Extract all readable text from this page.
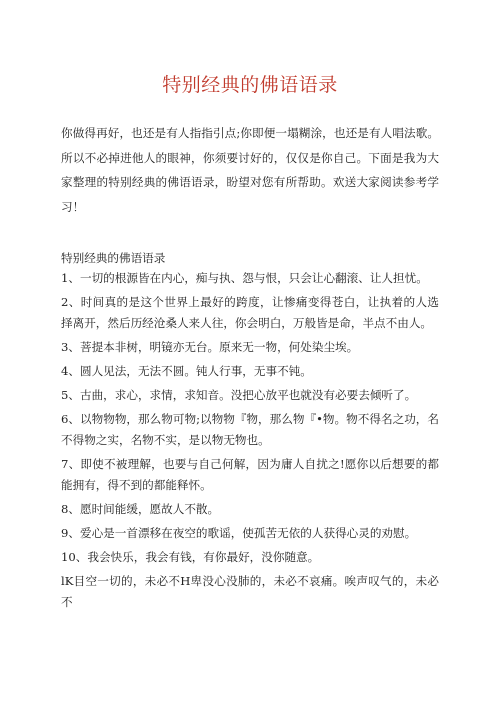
特别经典的佛语语录

你做得再好，也还是有人指指引点;你即便一塌糊涂，也还是有人唱法歌。所以不必掉进他人的眼神，你须要讨好的，仅仅是你自己。下面是我为大家整理的特别经典的佛语语录，盼望对您有所帮助。欢送大家阅读参考学习！

特别经典的佛语语录
1、一切的根源皆在内心，痴与执、怨与恨，只会让心翻滚、让人担忧。
2、时间真的是这个世界上最好的跨度，让惨痛变得苍白，让执着的人选择离开，然后历经沧桑人来人往，你会明白，万般皆是命，半点不由人。
3、菩提本非树，明镜亦无台。原来无一物，何处染尘埃。
4、圆人见法，无法不圆。钝人行事，无事不钝。
5、古曲，求心，求情，求知音。没把心放平也就没有必要去倾听了。
6、以物物物，那么物可物;以物物『物，那么物『•物。物不得名之功，名不得物之实，名物不实，是以物无物也。
7、即使不被理解，也要与自己何解，因为庸人自扰之!愿你以后想要的都能拥有，得不到的都能释怀。
8、愿时间能缓，愿故人不散。
9、爱心是一首漂移在夜空的歌谣，使孤苦无依的人获得心灵的劝慰。
10、我会快乐，我会有钱，有你最好，没你随意。
lK目空一切的，未必不H卑没心没肺的，未必不哀痛。唉声叹气的，未必不
